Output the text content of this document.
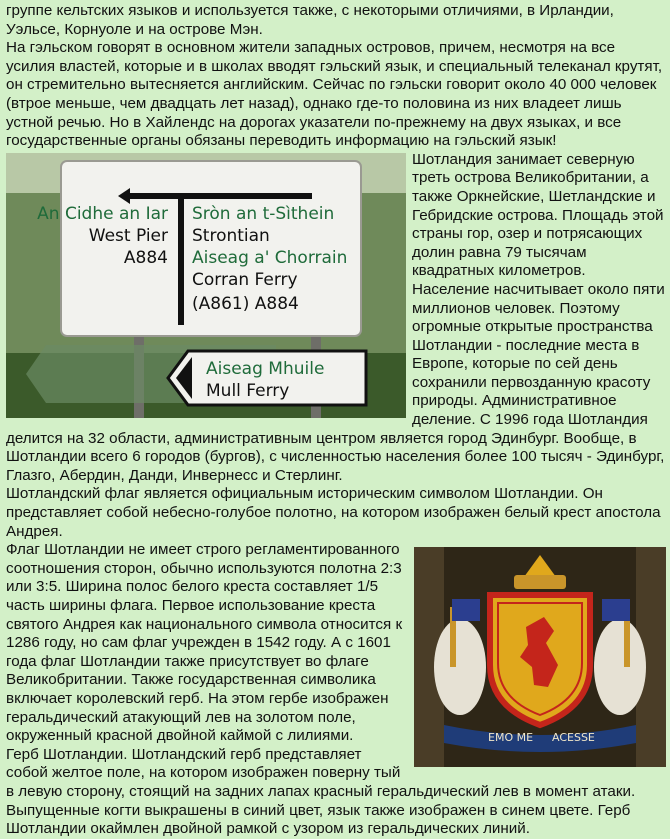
группе кельтских языков и используется также, с некоторыми отличиями, в Ирландии, Уэльсе, Корнуоле и на острове Мэн.

На гэльском говорят в основном жители западных островов, причем, несмотря на все усилия властей, которые и в школах вводят гэльский язык, и специальный телеканал крутят, он стремительно вытесняется английским. Сейчас по гэльски говорит около 40 000 человек (втрое меньше, чем двадцать лет назад), однако где-то половина из них владеет лишь устной речью. Но в Хайлендс на дорогах указатели по-прежнему на двух языках, и все государственные органы обязаны переводить информацию на гэльский язык!

An Cidhe an Iar
West Pier
A884
Sròn an t-Sìthein
Strontian
Aiseag a' Chorrain
Corran Ferry
(A861) A884
Aiseag Mhuile
Mull Ferry

Шотландия занимает северную треть острова Великобритании, а также Оркнейские, Шетландские и Гебридские острова. Площадь этой страны гор, озер и потрясающих долин равна 79 тысячам квадратных километров. Население насчитывает около пяти миллионов человек. Поэтому огромные открытые пространства Шотландии - последние места в Европе, которые по сей день сохранили первозданную красоту природы. Административное деление. С 1996 года Шотландия делится на 32 области, административным центром является город Эдинбург. Вообще, в Шотландии всего 6 городов (бургов), с численностью населения более 100 тысяч - Эдинбург, Глазго, Абердин, Данди, Инвернесс и Стерлинг.

Шотландский флаг является официальным историческим символом Шотландии. Он представляет собой небесно-голубое полотно, на котором изображен белый крест апостола Андрея.

EMO ME ACESSE

Флаг Шотландии не имеет строго регламентированного соотношения сторон, обычно используются полотна 2:3 или 3:5. Ширина полос белого креста составляет 1/5 часть ширины флага. Первое использование креста святого Андрея как национального символа относится к 1286 году, но сам флаг учрежден в 1542 году. А с 1601 года флаг Шотландии также присутствует во флаге Великобритании. Также государственная символика включает королевский герб. На этом гербе изображен геральдический атакующий лев на золотом поле, окруженный красной двойной каймой с лилиями.

Герб Шотландии. Шотландский герб представляет собой желтое поле, на котором изображен поверну тый в левую сторону, стоящий на задних лапах красный геральдический лев в момент атаки. Выпущенные когти выкрашены в синий цвет, язык также изображен в синем цвете. Герб Шотландии окаймлен двойной рамкой с узором из геральдических линий.
